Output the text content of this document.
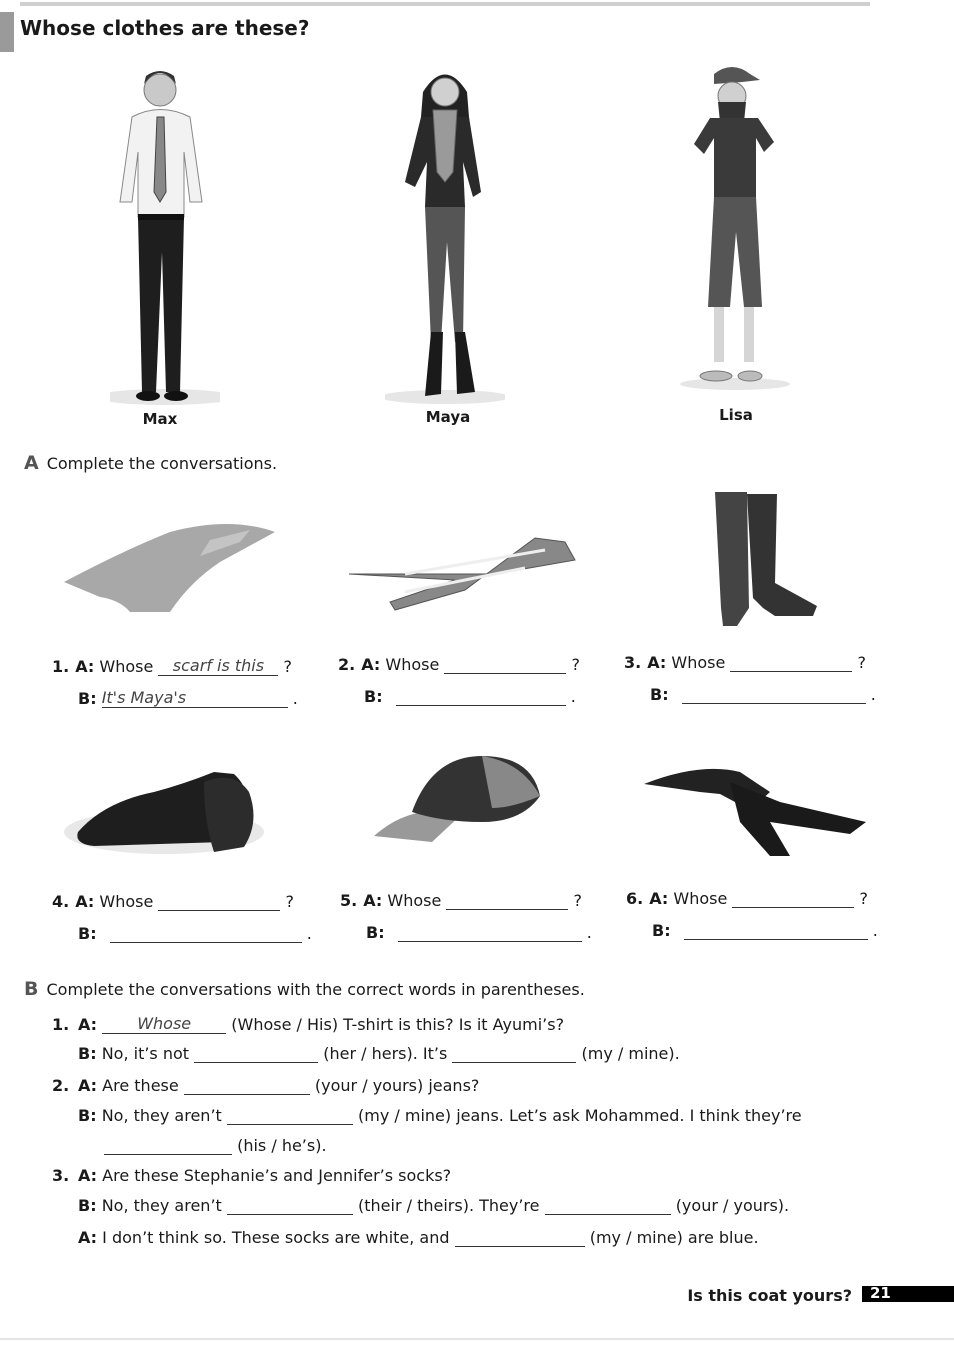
Whose clothes are these?
Max	Maya	Lisa
A Complete the conversations.
1. A: Whose scarf is this ?
B: It's Maya's	.
2. A: Whose	?
B:	.
3. A: Whose	?
B:	.
4. A: Whose	?
B:	.
5. A: Whose	?
B:	.
6. A: Whose	?
B:	.
B Complete the conversations with the correct words in parentheses.
1. A:	Whose	(Whose / His) T-shirt is this? Is it Ayumi’s?
B: No, it’s not	(her / hers). It’s	(my / mine).
2. A: Are these	(your / yours) jeans?
B: No, they aren’t	(my / mine) jeans. Let’s ask Mohammed. I think they’re
(his / he’s).
3. A: Are these Stephanie’s and Jennifer’s socks?
B: No, they aren’t	(their / theirs). They’re	(your / yours).
A: I don’t think so. These socks are white, and	(my / mine) are blue.
Is this coat yours? 21
